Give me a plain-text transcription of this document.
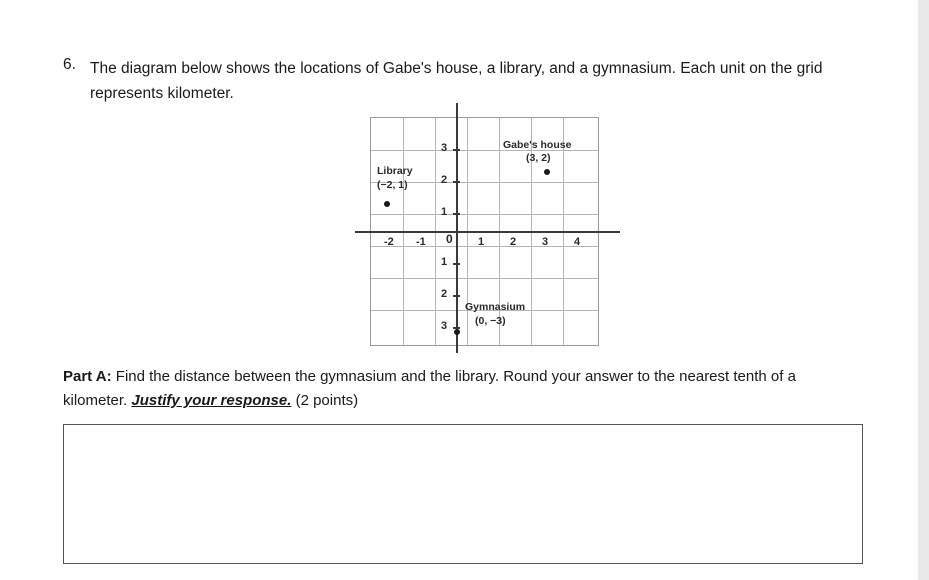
6. The diagram below shows the locations of Gabe's house, a library, and a gymnasium. Each unit on the grid represents kilometer.
3
2
1
1
2
3
-2 -1	1 2 3 4
0
Gabe's house
(3, 2)
Library
(−2, 1)
Gymnasium
(0, −3)
Part A: Find the distance between the gymnasium and the library. Round your answer to the nearest tenth of a kilometer. Justify your response. (2 points)
